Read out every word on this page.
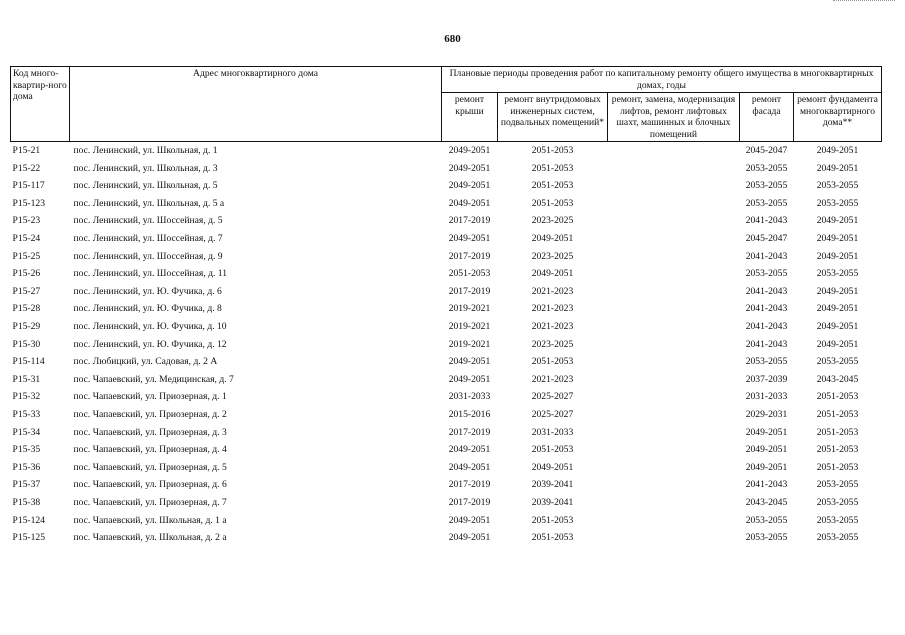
680
Код много-квартир-ного дома	Адрес многоквартирного дома	Плановые периоды проведения работ по капитальному ремонту общего имущества в многоквартирных домах, годы				
		ремонт крыши	ремонт внутридомовых инженерных систем, подвальных помещений*	ремонт, замена, модернизация лифтов, ремонт лифтовых шахт, машинных и блочных помещений	ремонт фасада	ремонт фундамента многоквартирного дома**
Р15-21	пос. Ленинский, ул. Школьная, д. 1	2049-2051	2051-2053		2045-2047	2049-2051
Р15-22	пос. Ленинский, ул. Школьная, д. 3	2049-2051	2051-2053		2053-2055	2049-2051
Р15-117	пос. Ленинский, ул. Школьная, д. 5	2049-2051	2051-2053		2053-2055	2053-2055
Р15-123	пос. Ленинский, ул. Школьная, д. 5 а	2049-2051	2051-2053		2053-2055	2053-2055
Р15-23	пос. Ленинский, ул. Шоссейная, д. 5	2017-2019	2023-2025		2041-2043	2049-2051
Р15-24	пос. Ленинский, ул. Шоссейная, д. 7	2049-2051	2049-2051		2045-2047	2049-2051
Р15-25	пос. Ленинский, ул. Шоссейная, д. 9	2017-2019	2023-2025		2041-2043	2049-2051
Р15-26	пос. Ленинский, ул. Шоссейная, д. 11	2051-2053	2049-2051		2053-2055	2053-2055
Р15-27	пос. Ленинский, ул. Ю. Фучика, д. 6	2017-2019	2021-2023		2041-2043	2049-2051
Р15-28	пос. Ленинский, ул. Ю. Фучика, д. 8	2019-2021	2021-2023		2041-2043	2049-2051
Р15-29	пос. Ленинский, ул. Ю. Фучика, д. 10	2019-2021	2021-2023		2041-2043	2049-2051
Р15-30	пос. Ленинский, ул. Ю. Фучика, д. 12	2019-2021	2023-2025		2041-2043	2049-2051
Р15-114	пос. Любицкий, ул. Садовая, д. 2 А	2049-2051	2051-2053		2053-2055	2053-2055
Р15-31	пос. Чапаевский, ул. Медицинская, д. 7	2049-2051	2021-2023		2037-2039	2043-2045
Р15-32	пос. Чапаевский, ул. Приозерная, д. 1	2031-2033	2025-2027		2031-2033	2051-2053
Р15-33	пос. Чапаевский, ул. Приозерная, д. 2	2015-2016	2025-2027		2029-2031	2051-2053
Р15-34	пос. Чапаевский, ул. Приозерная, д. 3	2017-2019	2031-2033		2049-2051	2051-2053
Р15-35	пос. Чапаевский, ул. Приозерная, д. 4	2049-2051	2051-2053		2049-2051	2051-2053
Р15-36	пос. Чапаевский, ул. Приозерная, д. 5	2049-2051	2049-2051		2049-2051	2051-2053
Р15-37	пос. Чапаевский, ул. Приозерная, д. 6	2017-2019	2039-2041		2041-2043	2053-2055
Р15-38	пос. Чапаевский, ул. Приозерная, д. 7	2017-2019	2039-2041		2043-2045	2053-2055
Р15-124	пос. Чапаевский, ул. Школьная, д. 1 а	2049-2051	2051-2053		2053-2055	2053-2055
Р15-125	пос. Чапаевский, ул. Школьная, д. 2 а	2049-2051	2051-2053		2053-2055	2053-2055
